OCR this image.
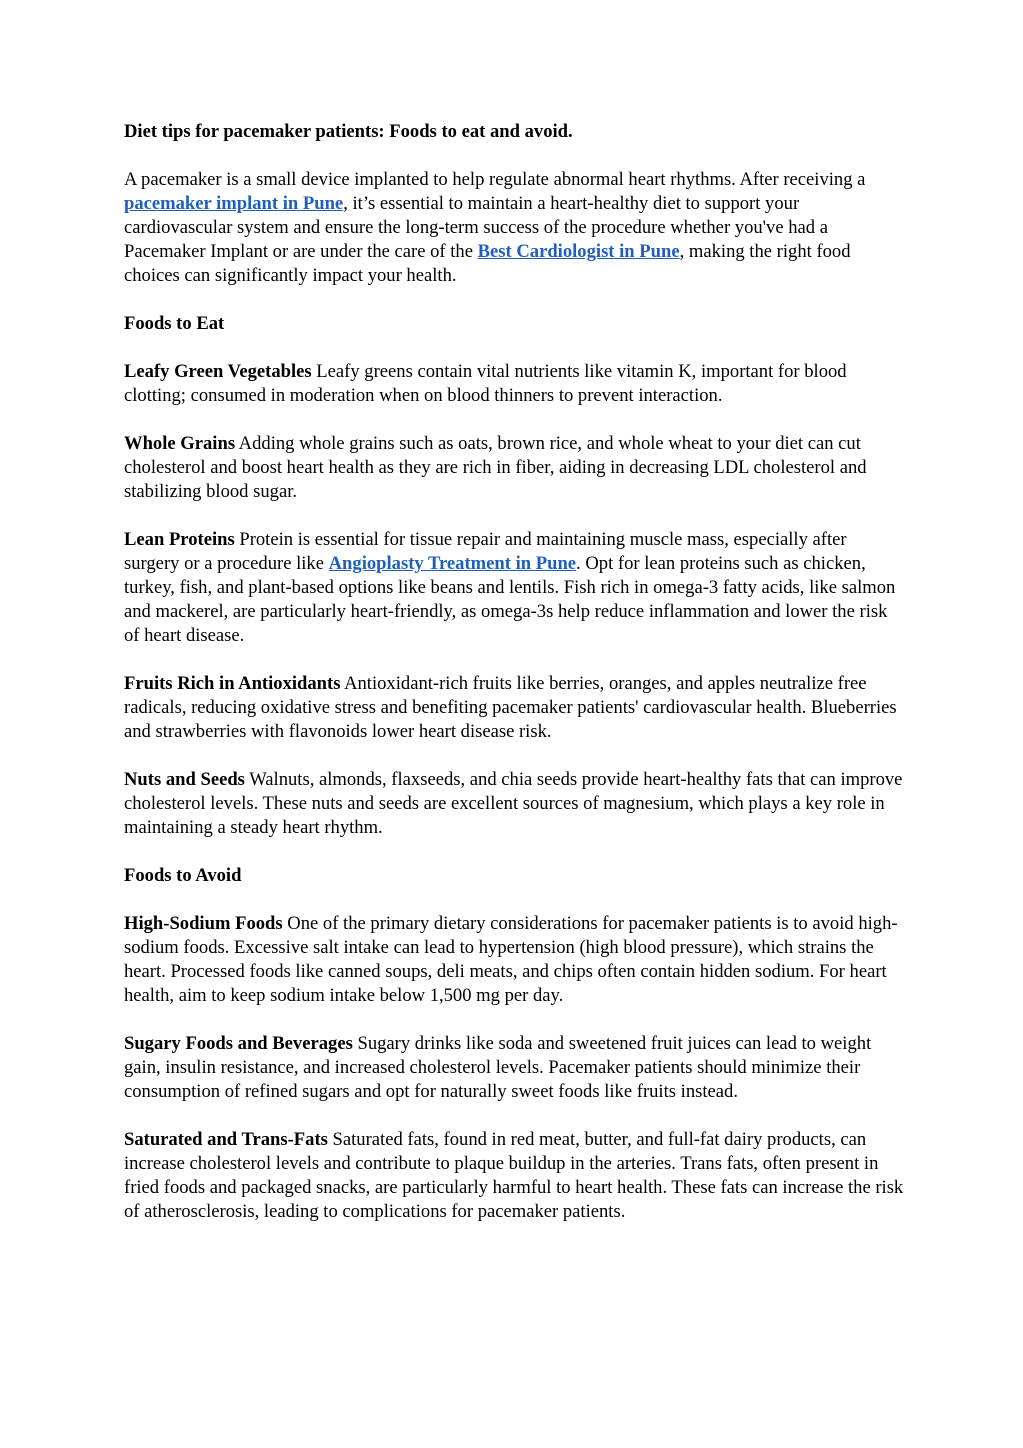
Diet tips for pacemaker patients: Foods to eat and avoid.

A pacemaker is a small device implanted to help regulate abnormal heart rhythms. After receiving a pacemaker implant in Pune, it’s essential to maintain a heart-healthy diet to support your cardiovascular system and ensure the long-term success of the procedure whether you've had a Pacemaker Implant or are under the care of the Best Cardiologist in Pune, making the right food choices can significantly impact your health.

Foods to Eat

Leafy Green Vegetables Leafy greens contain vital nutrients like vitamin K, important for blood clotting; consumed in moderation when on blood thinners to prevent interaction.

Whole Grains Adding whole grains such as oats, brown rice, and whole wheat to your diet can cut cholesterol and boost heart health as they are rich in fiber, aiding in decreasing LDL cholesterol and stabilizing blood sugar.

Lean Proteins Protein is essential for tissue repair and maintaining muscle mass, especially after surgery or a procedure like Angioplasty Treatment in Pune. Opt for lean proteins such as chicken, turkey, fish, and plant-based options like beans and lentils. Fish rich in omega-3 fatty acids, like salmon and mackerel, are particularly heart-friendly, as omega-3s help reduce inflammation and lower the risk of heart disease.

Fruits Rich in Antioxidants Antioxidant-rich fruits like berries, oranges, and apples neutralize free radicals, reducing oxidative stress and benefiting pacemaker patients' cardiovascular health. Blueberries and strawberries with flavonoids lower heart disease risk.

Nuts and Seeds Walnuts, almonds, flaxseeds, and chia seeds provide heart-healthy fats that can improve cholesterol levels. These nuts and seeds are excellent sources of magnesium, which plays a key role in maintaining a steady heart rhythm.

Foods to Avoid

High-Sodium Foods One of the primary dietary considerations for pacemaker patients is to avoid high-sodium foods. Excessive salt intake can lead to hypertension (high blood pressure), which strains the heart. Processed foods like canned soups, deli meats, and chips often contain hidden sodium. For heart health, aim to keep sodium intake below 1,500 mg per day.

Sugary Foods and Beverages Sugary drinks like soda and sweetened fruit juices can lead to weight gain, insulin resistance, and increased cholesterol levels. Pacemaker patients should minimize their consumption of refined sugars and opt for naturally sweet foods like fruits instead.

Saturated and Trans-Fats Saturated fats, found in red meat, butter, and full-fat dairy products, can increase cholesterol levels and contribute to plaque buildup in the arteries. Trans fats, often present in fried foods and packaged snacks, are particularly harmful to heart health. These fats can increase the risk of atherosclerosis, leading to complications for pacemaker patients.
